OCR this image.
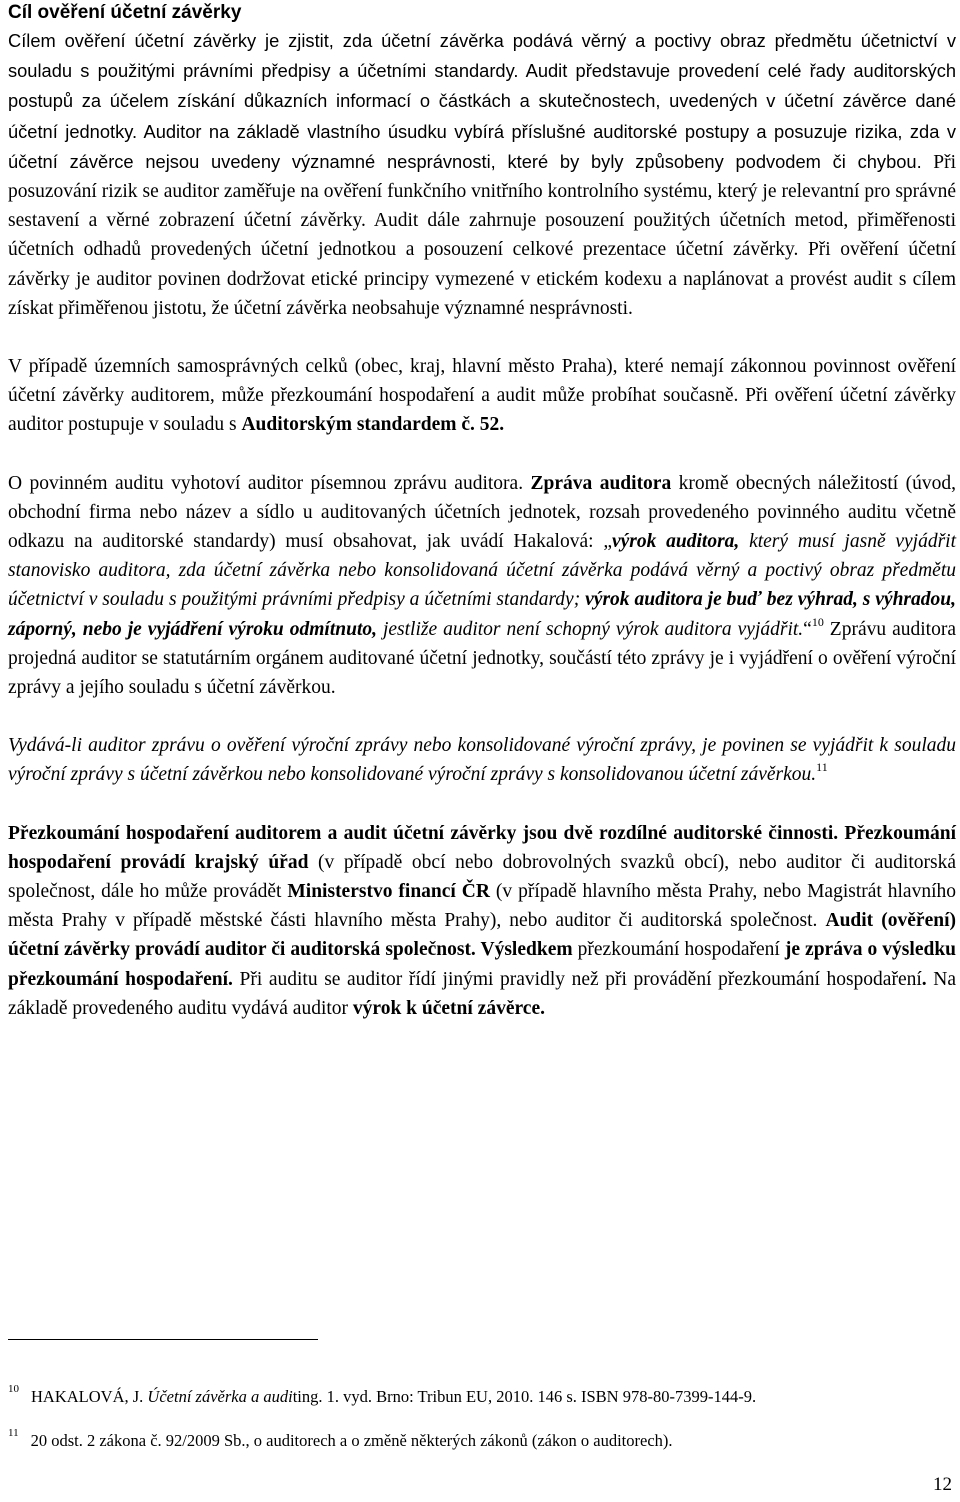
Cíl ověření účetní závěrky

Cílem ověření účetní závěrky je zjistit, zda účetní závěrka podává věrný a poctivy obraz předmětu účetnictví v souladu s použitými právními předpisy a účetními standardy. Audit představuje provedení celé řady auditorských postupů za účelem získání důkazních informací o částkách a skutečnostech, uvedených v účetní závěrce dané účetní jednotky. Auditor na základě vlastního úsudku vybírá příslušné auditorské postupy a posuzuje rizika, zda v účetní závěrce nejsou uvedeny významné nesprávnosti, které by byly způsobeny podvodem či chybou. Při posuzování rizik se auditor zaměřuje na ověření funkčního vnitřního kontrolního systému, který je relevantní pro správné sestavení a věrné zobrazení účetní závěrky. Audit dále zahrnuje posouzení použitých účetních metod, přiměřenosti účetních odhadů provedených účetní jednotkou a posouzení celkové prezentace účetní závěrky. Při ověření účetní závěrky je auditor povinen dodržovat etické principy vymezené v etickém kodexu a naplánovat a provést audit s cílem získat přiměřenou jistotu, že účetní závěrka neobsahuje významné nesprávnosti.

V případě územních samosprávných celků (obec, kraj, hlavní město Praha), které nemají zákonnou povinnost ověření účetní závěrky auditorem, může přezkoumání hospodaření a audit může probíhat současně. Při ověření účetní závěrky auditor postupuje v souladu s Auditorským standardem č. 52.

O povinném auditu vyhotoví auditor písemnou zprávu auditora. Zpráva auditora kromě obecných náležitostí (úvod, obchodní firma nebo název a sídlo u auditovaných účetních jednotek, rozsah provedeného povinného auditu včetně odkazu na auditorské standardy) musí obsahovat, jak uvádí Hakalová: „výrok auditora, který musí jasně vyjádřit stanovisko auditora, zda účetní závěrka nebo konsolidovaná účetní závěrka podává věrný a poctivý obraz předmětu účetnictví v souladu s použitými právními předpisy a účetními standardy; výrok auditora je buď bez výhrad, s výhradou, záporný, nebo je vyjádření výroku odmítnuto, jestliže auditor není schopný výrok auditora vyjádřit.“$^{10}$ Zprávu auditora projedná auditor se statutárním orgánem auditované účetní jednotky, součástí této zprávy je i vyjádření o ověření výroční zprávy a jejího souladu s účetní závěrkou.

Vydává-li auditor zprávu o ověření výroční zprávy nebo konsolidované výroční zprávy, je povinen se vyjádřit k souladu výroční zprávy s účetní závěrkou nebo konsolidované výroční zprávy s konsolidovanou účetní závěrkou.$^{11}$

Přezkoumání hospodaření auditorem a audit účetní závěrky jsou dvě rozdílné auditorské činnosti. Přezkoumání hospodaření provádí krajský úřad (v případě obcí nebo dobrovolných svazků obcí), nebo auditor či auditorská společnost, dále ho může provádět Ministerstvo financí ČR (v případě hlavního města Prahy, nebo Magistrát hlavního města Prahy v případě městské části hlavního města Prahy), nebo auditor či auditorská společnost. Audit (ověření) účetní závěrky provádí auditor či auditorská společnost. Výsledkem přezkoumání hospodaření je zpráva o výsledku přezkoumání hospodaření. Při auditu se auditor řídí jinými pravidly než při provádění přezkoumání hospodaření. Na základě provedeného auditu vydává auditor výrok k účetní závěrce.

$^{10}$ HAKALOVÁ, J. Účetní závěrka a auditing. 1. vyd. Brno: Tribun EU, 2010. 146 s. ISBN 978-80-7399-144-9.
$^{11}$ 20 odst. 2 zákona č. 92/2009 Sb., o auditorech a o změně některých zákonů (zákon o auditorech).
12
